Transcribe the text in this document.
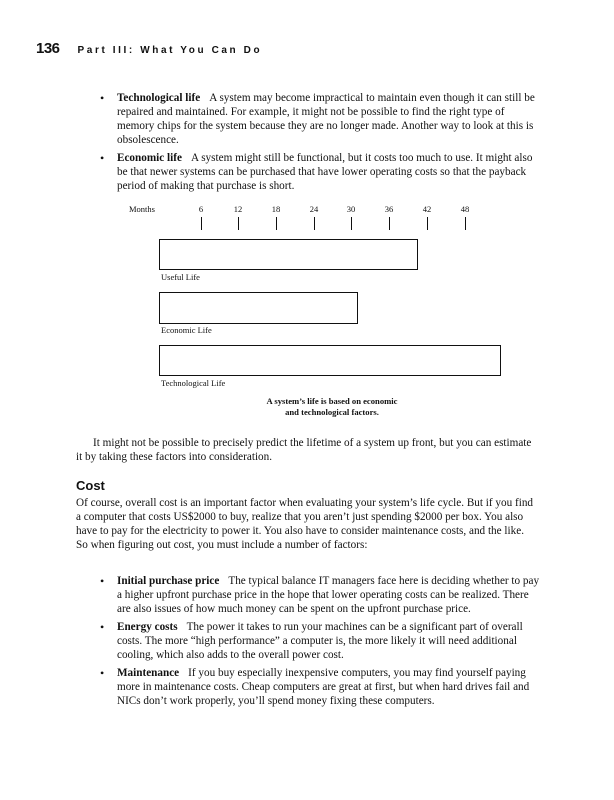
136 Part III: What You Can Do
• Technological life A system may become impractical to maintain even though it can still be repaired and maintained. For example, it might not be possible to find the right type of memory chips for the system because they are no longer made. Another way to look at this is obsolescence.
• Economic life A system might still be functional, but it costs too much to use. It might also be that newer systems can be purchased that have lower operating costs so that the payback period of making that purchase is short.
Months	6	12	18	24	30	36	42	48
Useful Life
Economic Life
Technological Life
A system’s life is based on economic
and technological factors.

It might not be possible to precisely predict the lifetime of a system up front, but you can estimate it by taking these factors into consideration.

Cost

Of course, overall cost is an important factor when evaluating your system’s life cycle. But if you find a computer that costs US$2000 to buy, realize that you aren’t just spending $2000 per box. You also have to pay for the electricity to power it. You also have to consider maintenance costs, and the like. So when figuring out cost, you must include a number of factors:

• Initial purchase price The typical balance IT managers face here is deciding whether to pay a higher upfront purchase price in the hope that lower operating costs can be realized. There are also issues of how much money can be spent on the upfront purchase price.
• Energy costs The power it takes to run your machines can be a significant part of overall costs. The more “high performance” a computer is, the more likely it will need additional cooling, which also adds to the overall power cost.
• Maintenance If you buy especially inexpensive computers, you may find yourself paying more in maintenance costs. Cheap computers are great at first, but when hard drives fail and NICs don’t work properly, you’ll spend money fixing these computers.
